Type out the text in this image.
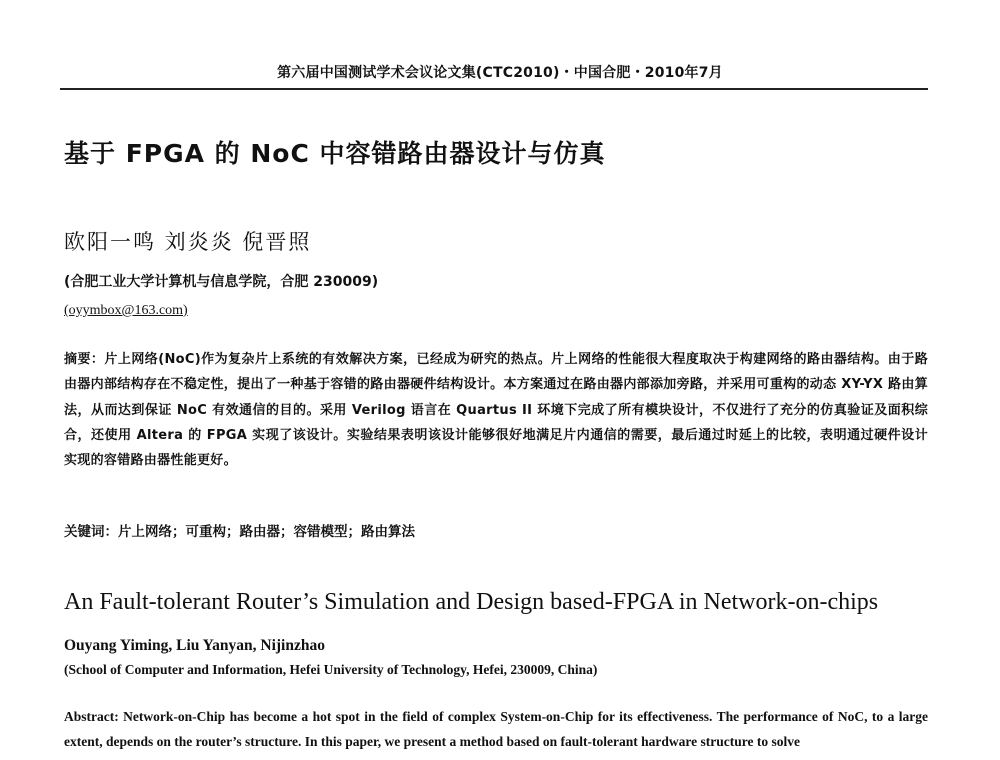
第六届中国测试学术会议论文集(CTC2010)・中国合肥・2010年7月
基于 FPGA 的 NoC 中容错路由器设计与仿真
欧阳一鸣 刘炎炎 倪晋照
(合肥工业大学计算机与信息学院，合肥 230009)
(oyymbox@163.com)
摘要：片上网络(NoC)作为复杂片上系统的有效解决方案，已经成为研究的热点。片上网络的性能很大程度取决于构建网络的路由器结构。由于路由器内部结构存在不稳定性，提出了一种基于容错的路由器硬件结构设计。本方案通过在路由器内部添加旁路，并采用可重构的动态 XY-YX 路由算法，从而达到保证 NoC 有效通信的目的。采用 Verilog 语言在 Quartus II 环境下完成了所有模块设计，不仅进行了充分的仿真验证及面积综合，还使用 Altera 的 FPGA 实现了该设计。实验结果表明该设计能够很好地满足片内通信的需要，最后通过时延上的比较，表明通过硬件设计实现的容错路由器性能更好。
关键词：片上网络；可重构；路由器；容错模型；路由算法
An Fault-tolerant Router’s Simulation and Design based-FPGA in Network-on-chips
Ouyang Yiming, Liu Yanyan, Nijinzhao
(School of Computer and Information, Hefei University of Technology, Hefei, 230009, China)
Abstract: Network-on-Chip has become a hot spot in the field of complex System-on-Chip for its effectiveness. The performance of NoC, to a large extent, depends on the router’s structure. In this paper, we present a method based on fault-tolerant hardware structure to solve
